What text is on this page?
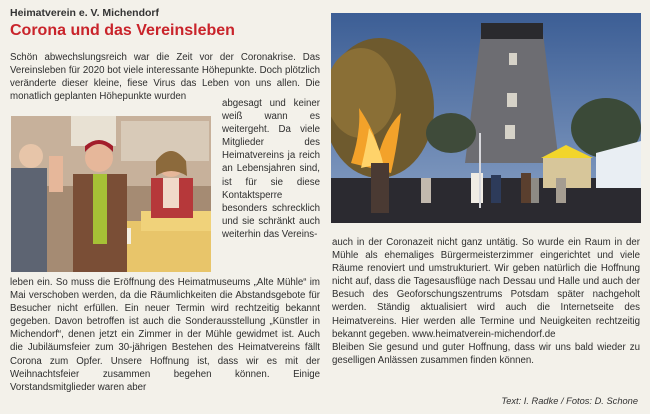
Heimatverein e. V. Michendorf
Corona und das Vereinsleben

Schön abwechslungsreich war die Zeit vor der Coronakrise. Das Vereinsleben für 2020 bot viele interessante Höhepunkte. Doch plötzlich veränderte dieser kleine, fiese Virus das Leben von uns allen. Die monatlich geplanten Höhepunkte wurden

abgesagt und keiner weiß wann es weitergeht. Da viele Mitglieder des Heimatvereins ja reich an Lebensjahren sind, ist für sie diese Kontaktsperre besonders schrecklich und sie schränkt auch weiterhin das Vereins-

leben ein. So muss die Eröffnung des Heimatmuseums „Alte Mühle“ im Mai verschoben werden, da die Räumlichkeiten die Abstandsgebote für Besucher nicht erfüllen. Ein neuer Termin wird rechtzeitig bekannt gegeben. Davon betroffen ist auch die Sonderausstellung „Künstler in Michendorf“, denen jetzt ein Zimmer in der Mühle gewidmet ist. Auch die Jubiläumsfeier zum 30-jährigen Bestehen des Heimatvereins fällt Corona zum Opfer. Unsere Hoffnung ist, dass wir es mit der Weihnachtsfeier zusammen begehen können. Einige Vorstandsmitglieder waren aber

auch in der Coronazeit nicht ganz untätig. So wurde ein Raum in der Mühle als ehemaliges Bürgermeisterzimmer eingerichtet und viele Räume renoviert und umstrukturiert. Wir geben natürlich die Hoffnung nicht auf, dass die Tagesausflüge nach Dessau und Halle und auch der Besuch des Geoforschungszentrums Potsdam später nachgeholt werden. Ständig aktualisiert wird auch die Internetseite des Heimatvereins. Hier werden alle Termine und Neuigkeiten rechtzeitig bekannt gegeben. www.heimatverein-michendorf.de

Bleiben Sie gesund und guter Hoffnung, dass wir uns bald wieder zu geselligen Anlässen zusammen finden können.

Text: I. Radke / Fotos: D. Schone
